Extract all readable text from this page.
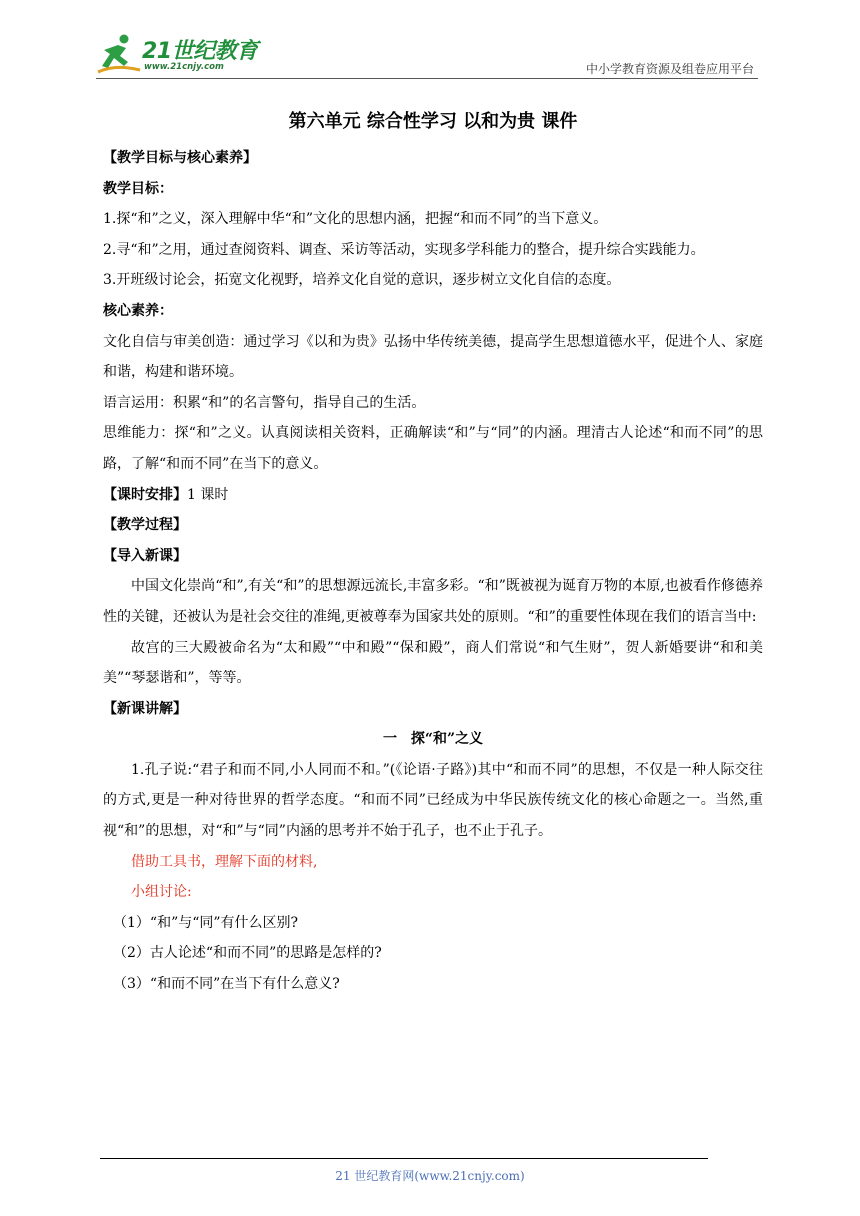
21世纪教育
www.21cnjy.com	中小学教育资源及组卷应用平台
第六单元 综合性学习 以和为贵 课件
【教学目标与核心素养】
教学目标：
1.探“和”之义，深入理解中华“和”文化的思想内涵，把握“和而不同”的当下意义。
2.寻“和”之用，通过查阅资料、调查、采访等活动，实现多学科能力的整合，提升综合实践能力。
3.开班级讨论会，拓宽文化视野，培养文化自觉的意识，逐步树立文化自信的态度。
核心素养：
文化自信与审美创造：通过学习《以和为贵》弘扬中华传统美德，提高学生思想道德水平，促进个人、家庭和谐，构建和谐环境。
语言运用：积累“和”的名言警句，指导自己的生活。
思维能力：探“和”之义。认真阅读相关资料，正确解读“和”与“同”的内涵。理清古人论述“和而不同”的思路，了解“和而不同”在当下的意义。
【课时安排】1 课时
【教学过程】
【导入新课】
中国文化崇尚“和”,有关“和”的思想源远流长,丰富多彩。“和”既被视为诞育万物的本原,也被看作修德养性的关键，还被认为是社会交往的准绳,更被尊奉为国家共处的原则。“和”的重要性体现在我们的语言当中:
故宫的三大殿被命名为“太和殿”“中和殿”“保和殿”，商人们常说“和气生财”，贺人新婚要讲“和和美美”“琴瑟谐和”，等等。
【新课讲解】
一　探“和”之义
1.孔子说:“君子和而不同,小人同而不和。”(《论语·子路》)其中“和而不同”的思想，不仅是一种人际交往的方式,更是一种对待世界的哲学态度。“和而不同”已经成为中华民族传统文化的核心命题之一。当然,重视“和”的思想，对“和”与“同”内涵的思考并不始于孔子，也不止于孔子。
借助工具书，理解下面的材料,
小组讨论:
（1）“和”与“同”有什么区别?
（2）古人论述“和而不同”的思路是怎样的?
（3）“和而不同”在当下有什么意义?
21 世纪教育网(www.21cnjy.com)
